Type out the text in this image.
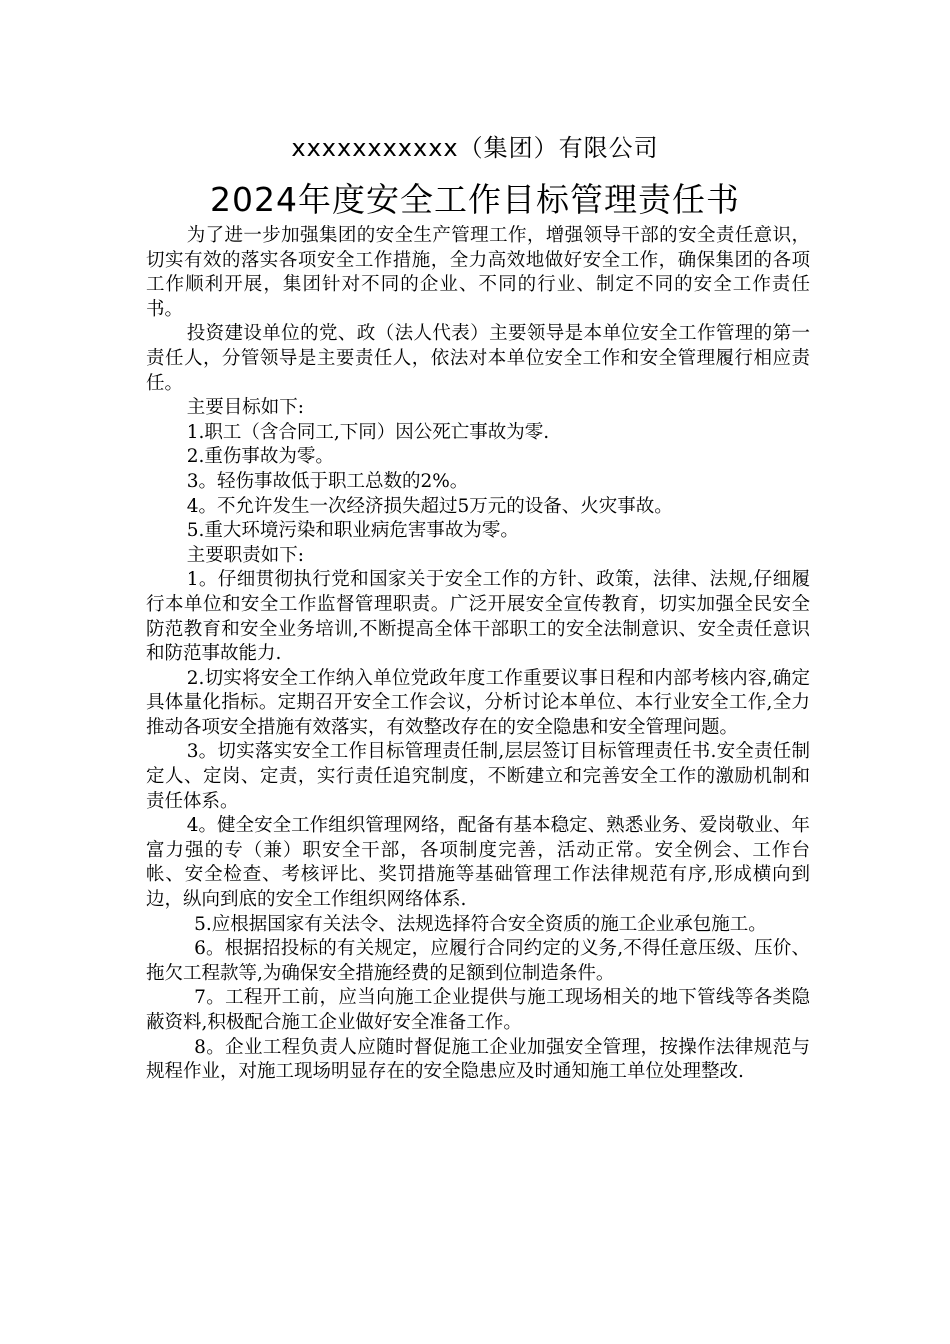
xxxxxxxxxxx（集团）有限公司
2024年度安全工作目标管理责任书

为了进一步加强集团的安全生产管理工作，增强领导干部的安全责任意识，切实有效的落实各项安全工作措施，全力高效地做好安全工作，确保集团的各项工作顺利开展，集团针对不同的企业、不同的行业、制定不同的安全工作责任书。

投资建设单位的党、政（法人代表）主要领导是本单位安全工作管理的第一责任人，分管领导是主要责任人，依法对本单位安全工作和安全管理履行相应责任。

主要目标如下:

1.职工（含合同工,下同）因公死亡事故为零.

2.重伤事故为零。

3。轻伤事故低于职工总数的2%。

4。不允许发生一次经济损失超过5万元的设备、火灾事故。

5.重大环境污染和职业病危害事故为零。

主要职责如下:

1。仔细贯彻执行党和国家关于安全工作的方针、政策，法律、法规,仔细履行本单位和安全工作监督管理职责。广泛开展安全宣传教育，切实加强全民安全防范教育和安全业务培训,不断提高全体干部职工的安全法制意识、安全责任意识和防范事故能力.

2.切实将安全工作纳入单位党政年度工作重要议事日程和内部考核内容,确定具体量化指标。定期召开安全工作会议，分析讨论本单位、本行业安全工作,全力推动各项安全措施有效落实，有效整改存在的安全隐患和安全管理问题。

3。切实落实安全工作目标管理责任制,层层签订目标管理责任书.安全责任制定人、定岗、定责，实行责任追究制度，不断建立和完善安全工作的激励机制和责任体系。

4。健全安全工作组织管理网络，配备有基本稳定、熟悉业务、爱岗敬业、年富力强的专（兼）职安全干部，各项制度完善，活动正常。安全例会、工作台帐、安全检查、考核评比、奖罚措施等基础管理工作法律规范有序,形成横向到边，纵向到底的安全工作组织网络体系.

5.应根据国家有关法令、法规选择符合安全资质的施工企业承包施工。

6。根据招投标的有关规定，应履行合同约定的义务,不得任意压级、压价、拖欠工程款等,为确保安全措施经费的足额到位制造条件。

7。工程开工前，应当向施工企业提供与施工现场相关的地下管线等各类隐蔽资料,积极配合施工企业做好安全准备工作。

8。企业工程负责人应随时督促施工企业加强安全管理，按操作法律规范与规程作业，对施工现场明显存在的安全隐患应及时通知施工单位处理整改.
